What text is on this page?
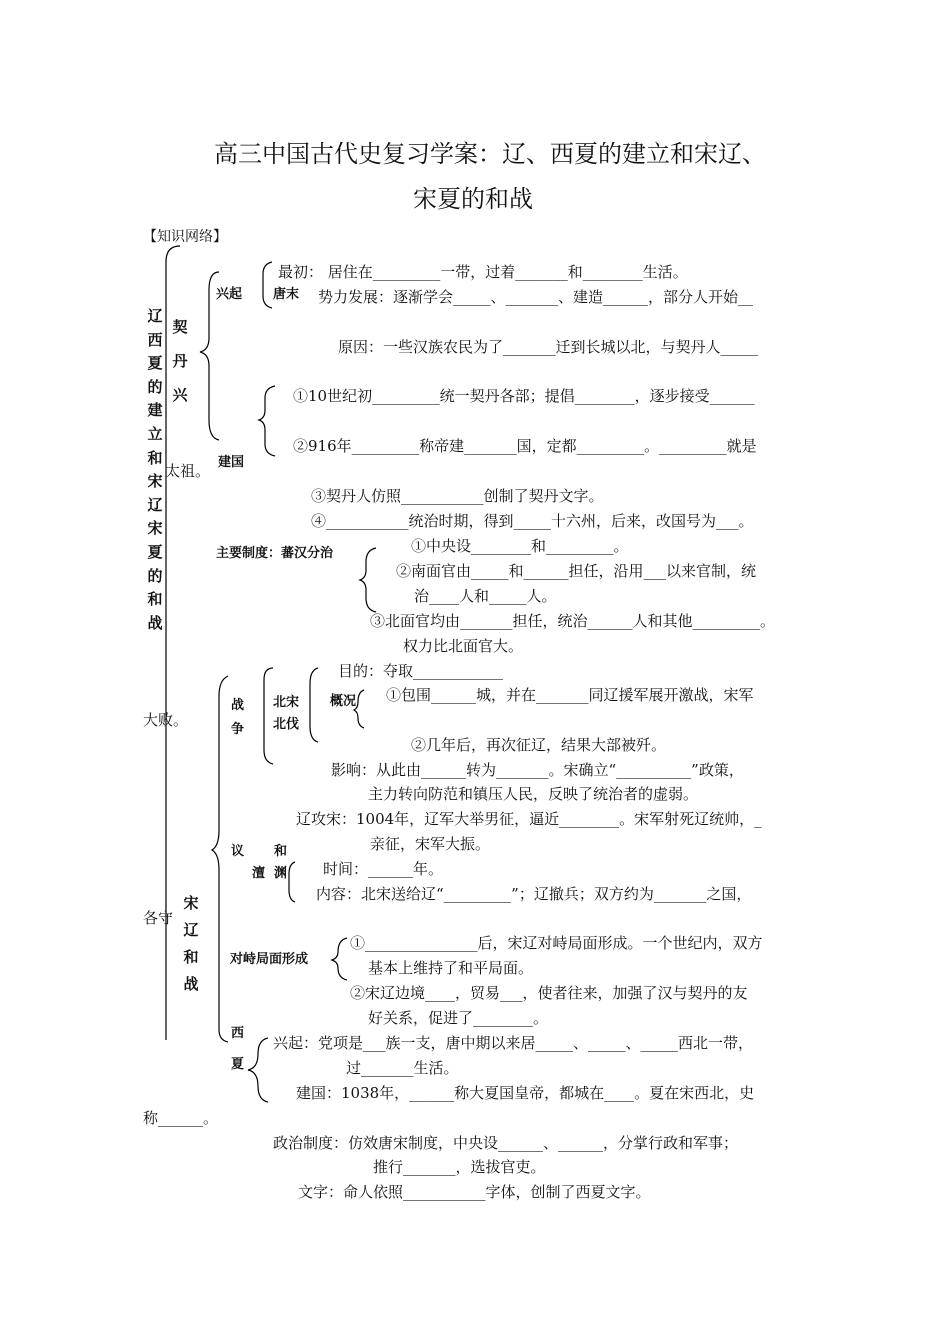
高三中国古代史复习学案：辽、西夏的建立和宋辽、
宋夏的和战
【知识网络】
辽
西
夏
的
建
立
和
宋
辽
宋
夏
的
和
战
契
丹
兴
宋
辽
和
战
兴起 唐末
建国
主要制度：蕃汉分治
战
争
北宋
北伐
概况
议 和
澶 渊
对峙局面形成
西
夏
最初： 居住在_________一带，过着_______和________生活。
势力发展：逐渐学会_____、_______、建造______，部分人开始__
原因：一些汉族农民为了_______迁到长城以北，与契丹人_____
①10世纪初_________统一契丹各部；提倡________，逐步接受______
②916年_________称帝建_______国，定都_________。_________就是
太祖。
③契丹人仿照___________创制了契丹文字。
④___________统治时期，得到_____十六州，后来，改国号为___。
①中央设________和_________。
②南面官由_____和______担任，沿用___以来官制，统
治____人和_____人。
③北面官均由_______担任，统治______人和其他_________。
权力比北面官大。
目的：夺取____________
①包围______城，并在_______同辽援军展开激战，宋军
大败。
②几年后，再次征辽，结果大部被歼。
影响：从此由______转为_______。宋确立“__________”政策，
主力转向防范和镇压人民，反映了统治者的虚弱。
辽攻宋：1004年，辽军大举男征，逼近________。宋军射死辽统帅，_
亲征，宋军大振。
时间：______年。
内容：北宋送给辽“_________”；辽撤兵；双方约为_______之国，
各守
①_______________后，宋辽对峙局面形成。一个世纪内，双方
基本上维持了和平局面。
②宋辽边境____，贸易___，使者往来，加强了汉与契丹的友
好关系，促进了________。
兴起：党项是___族一支，唐中期以来居_____、_____、_____西北一带，
过_______生活。
建国：1038年，______称大夏国皇帝，都城在____。夏在宋西北，史
称______。
政治制度：仿效唐宋制度，中央设______、______，分掌行政和军事；
推行_______，选拔官吏。
文字：命人依照___________字体，创制了西夏文字。
